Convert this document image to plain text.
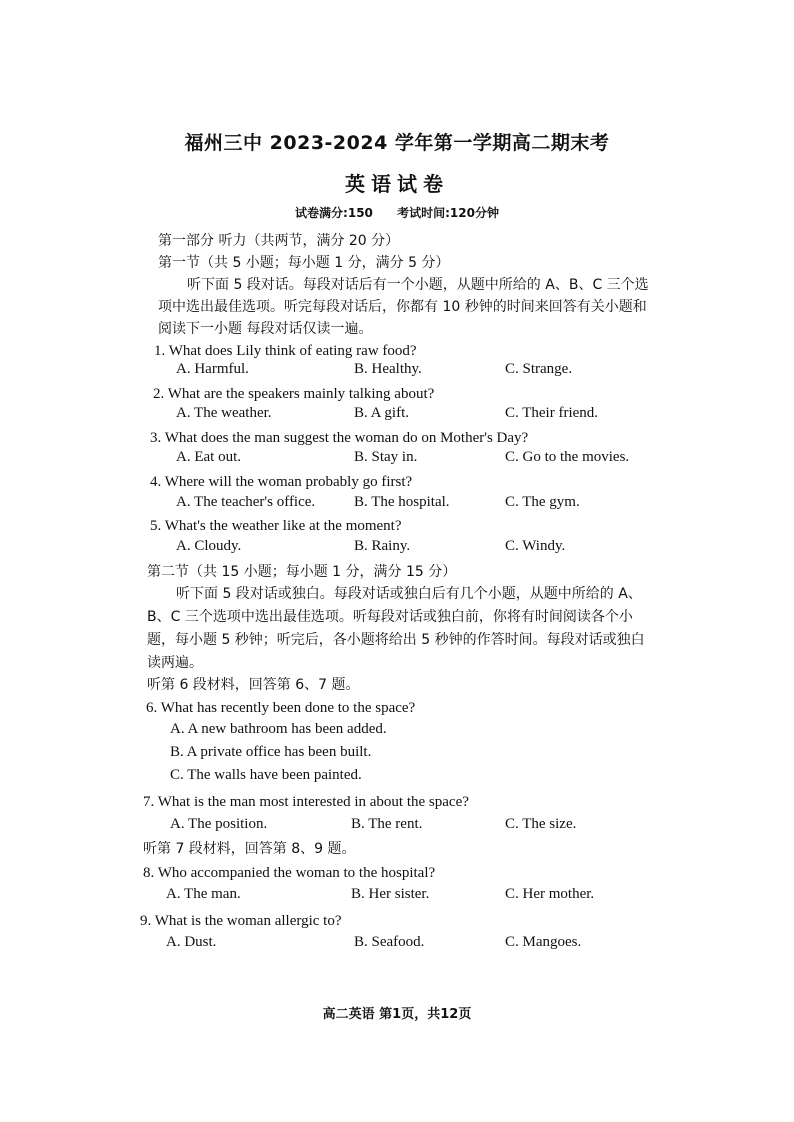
福州三中 2023-2024 学年第一学期高二期末考
英语试卷
试卷满分:150 考试时间:120分钟
第一部分 听力（共两节，满分 20 分）
第一节（共 5 小题；每小题 1 分，满分 5 分）
听下面 5 段对话。每段对话后有一个小题，从题中所给的 A、B、C 三个选
项中选出最佳选项。听完每段对话后，你都有 10 秒钟的时间来回答有关小题和
阅读下一小题 每段对话仅读一遍。
1. What does Lily think of eating raw food?
A. Harmful.	B. Healthy.	C. Strange.
2. What are the speakers mainly talking about?
A. The weather.	B. A gift.	C. Their friend.
3. What does the man suggest the woman do on Mother's Day?
A. Eat out.	B. Stay in.	C. Go to the movies.
4. Where will the woman probably go first?
A. The teacher's office.	B. The hospital.	C. The gym.
5. What's the weather like at the moment?
A. Cloudy.	B. Rainy.	C. Windy.
第二节（共 15 小题；每小题 1 分，满分 15 分）
听下面 5 段对话或独白。每段对话或独白后有几个小题，从题中所给的 A、
B、C 三个选项中选出最佳选项。听每段对话或独白前，你将有时间阅读各个小
题，每小题 5 秒钟；听完后，各小题将给出 5 秒钟的作答时间。每段对话或独白
读两遍。
听第 6 段材料，回答第 6、7 题。
6. What has recently been done to the space?
A. A new bathroom has been added.
B. A private office has been built.
C. The walls have been painted.
7. What is the man most interested in about the space?
A. The position.	B. The rent.	C. The size.
听第 7 段材料，回答第 8、9 题。
8. Who accompanied the woman to the hospital?
A. The man.	B. Her sister.	C. Her mother.
9. What is the woman allergic to?
A. Dust.	B. Seafood.	C. Mangoes.
高二英语 第1页，共12页
